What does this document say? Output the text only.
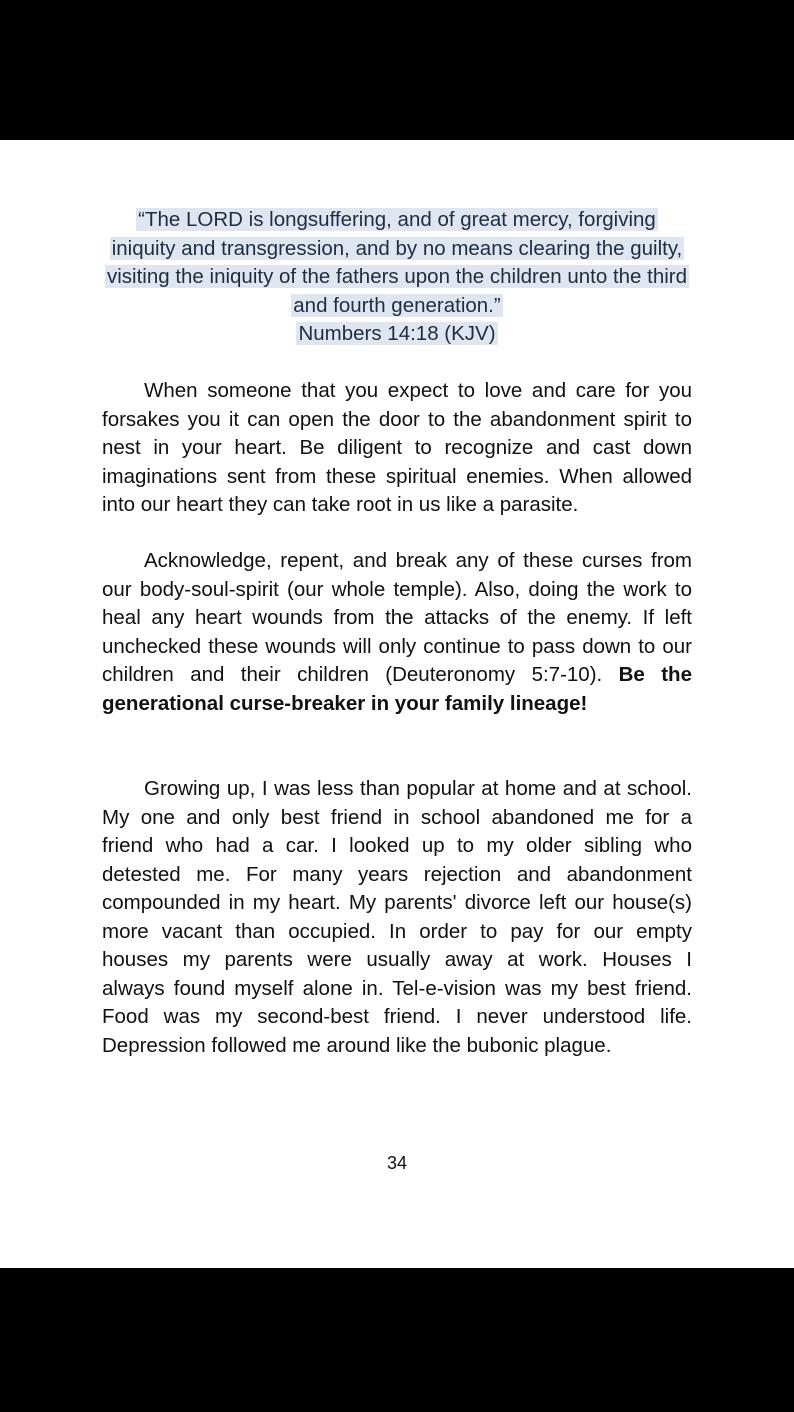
“The LORD is longsuffering, and of great mercy, forgiving
iniquity and transgression, and by no means clearing the guilty,
visiting the iniquity of the fathers upon the children unto the third
and fourth generation.”
Numbers 14:18 (KJV)
When someone that you expect to love and care for you
forsakes you it can open the door to the abandonment spirit to
nest in your heart. Be diligent to recognize and cast down
imaginations sent from these spiritual enemies. When allowed
into our heart they can take root in us like a parasite.
Acknowledge, repent, and break any of these curses from
our body-soul-spirit (our whole temple). Also, doing the work to
heal any heart wounds from the attacks of the enemy. If left
unchecked these wounds will only continue to pass down to our
children and their children (Deuteronomy 5:7-10). Be the
generational curse-breaker in your family lineage!
Growing up, I was less than popular at home and at school.
My one and only best friend in school abandoned me for a
friend who had a car. I looked up to my older sibling who
detested me. For many years rejection and abandonment
compounded in my heart. My parents' divorce left our house(s)
more vacant than occupied. In order to pay for our empty
houses my parents were usually away at work. Houses I
always found myself alone in. Tel-e-vision was my best friend.
Food was my second-best friend. I never understood life.
Depression followed me around like the bubonic plague.
34
